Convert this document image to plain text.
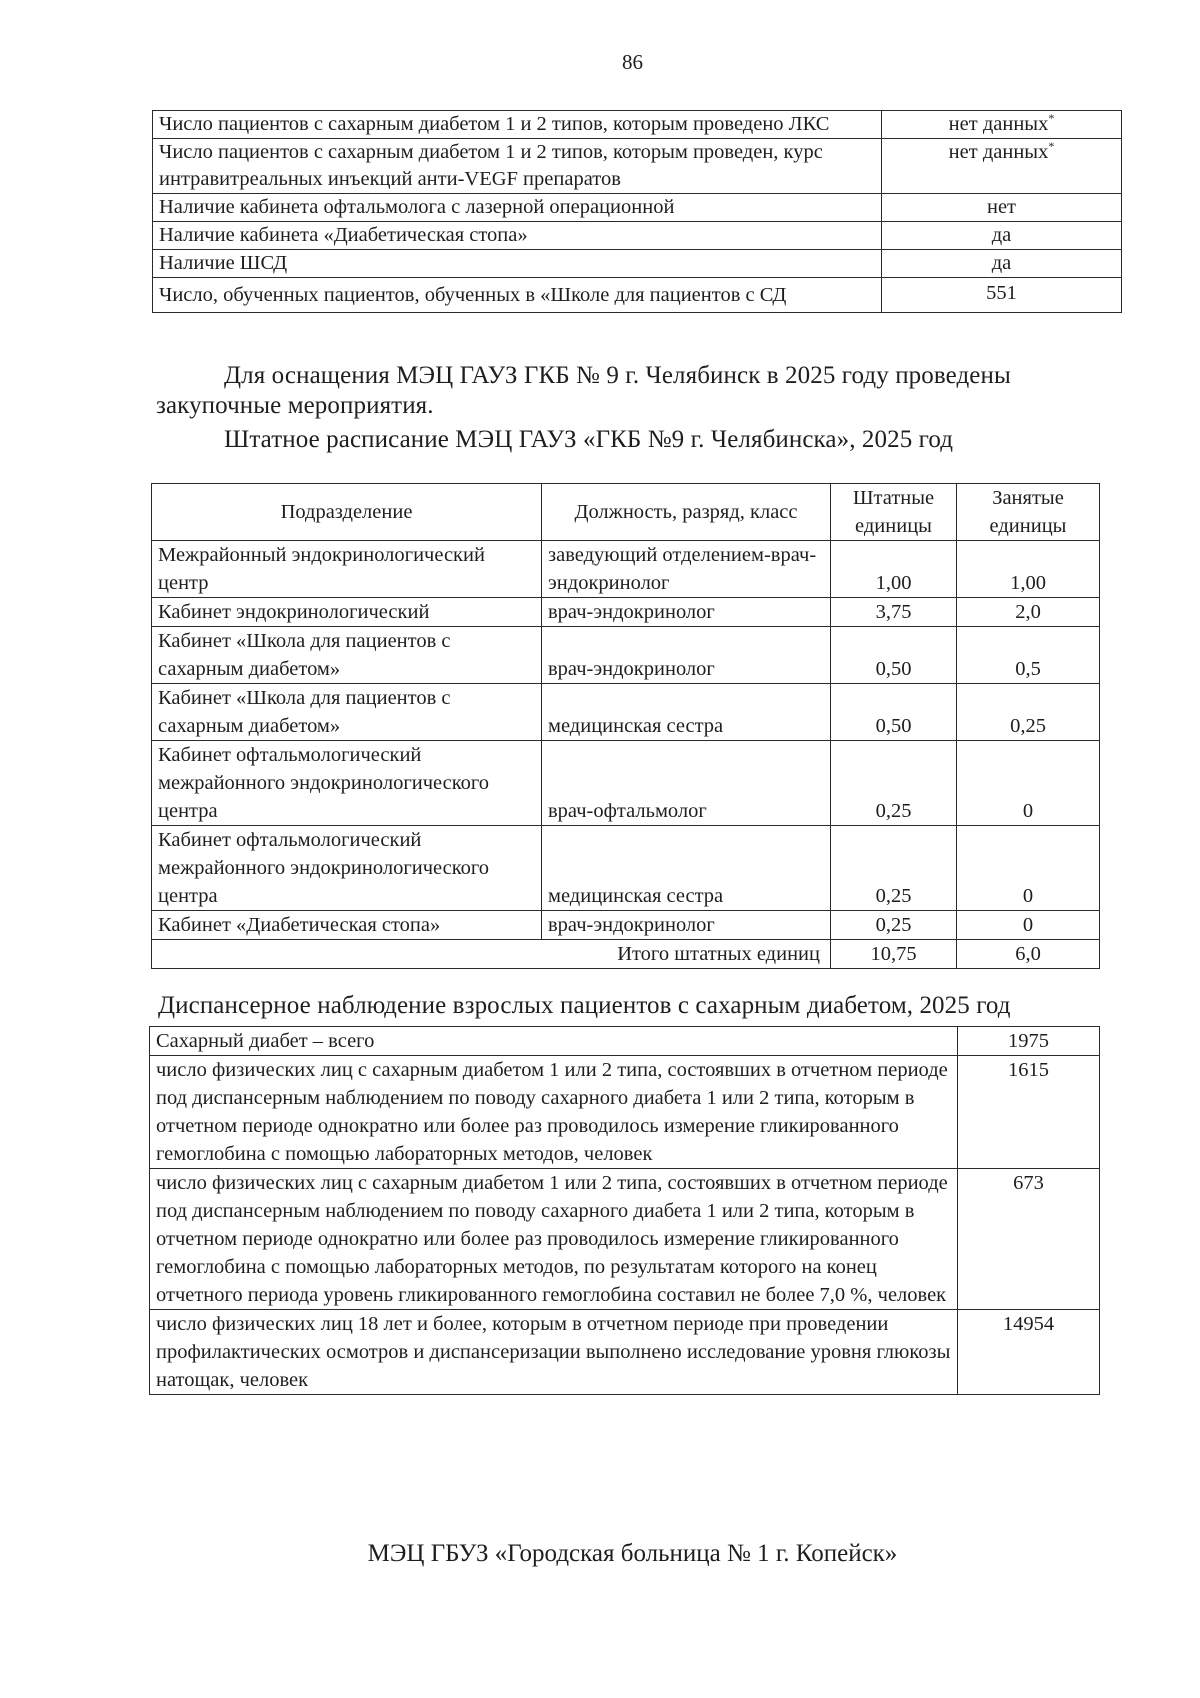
86
Число пациентов с сахарным диабетом 1 и 2 типов, которым проведено ЛКС	нет данных*
Число пациентов с сахарным диабетом 1 и 2 типов, которым проведен, курс интравитреальных инъекций анти-VEGF препаратов	нет данных*
Наличие кабинета офтальмолога с лазерной операционной	нет
Наличие кабинета «Диабетическая стопа»	да
Наличие ШСД	да
Число, обученных пациентов, обученных в «Школе для пациентов с СД	551
Для оснащения МЭЦ ГАУЗ ГКБ № 9 г. Челябинск в 2025 году проведены
закупочные мероприятия.
Штатное расписание МЭЦ ГАУЗ «ГКБ №9 г. Челябинска», 2025 год
Подразделение	Должность, разряд, класс	Штатные единицы	Занятые единицы
Межрайонный эндокринологический центр	заведующий отделением-врач-эндокринолог	1,00	1,00
Кабинет эндокринологический	врач-эндокринолог	3,75	2,0
Кабинет «Школа для пациентов с сахарным диабетом»	врач-эндокринолог	0,50	0,5
Кабинет «Школа для пациентов с сахарным диабетом»	медицинская сестра	0,50	0,25
Кабинет офтальмологический межрайонного эндокринологического центра	врач-офтальмолог	0,25	0
Кабинет офтальмологический межрайонного эндокринологического центра	медицинская сестра	0,25	0
Кабинет «Диабетическая стопа»	врач-эндокринолог	0,25	0
Итого штатных единиц		10,75	6,0
Диспансерное наблюдение взрослых пациентов с сахарным диабетом, 2025 год
Сахарный диабет – всего	1975
число физических лиц с сахарным диабетом 1 или 2 типа, состоявших в отчетном периоде под диспансерным наблюдением по поводу сахарного диабета 1 или 2 типа, которым в отчетном периоде однократно или более раз проводилось измерение гликированного гемоглобина с помощью лабораторных методов, человек	1615
число физических лиц с сахарным диабетом 1 или 2 типа, состоявших в отчетном периоде под диспансерным наблюдением по поводу сахарного диабета 1 или 2 типа, которым в отчетном периоде однократно или более раз проводилось измерение гликированного гемоглобина с помощью лабораторных методов, по результатам которого на конец отчетного периода уровень гликированного гемоглобина составил не более 7,0 %, человек	673
число физических лиц 18 лет и более, которым в отчетном периоде при проведении профилактических осмотров и диспансеризации выполнено исследование уровня глюкозы натощак, человек	14954
МЭЦ ГБУЗ «Городская больница № 1 г. Копейск»
